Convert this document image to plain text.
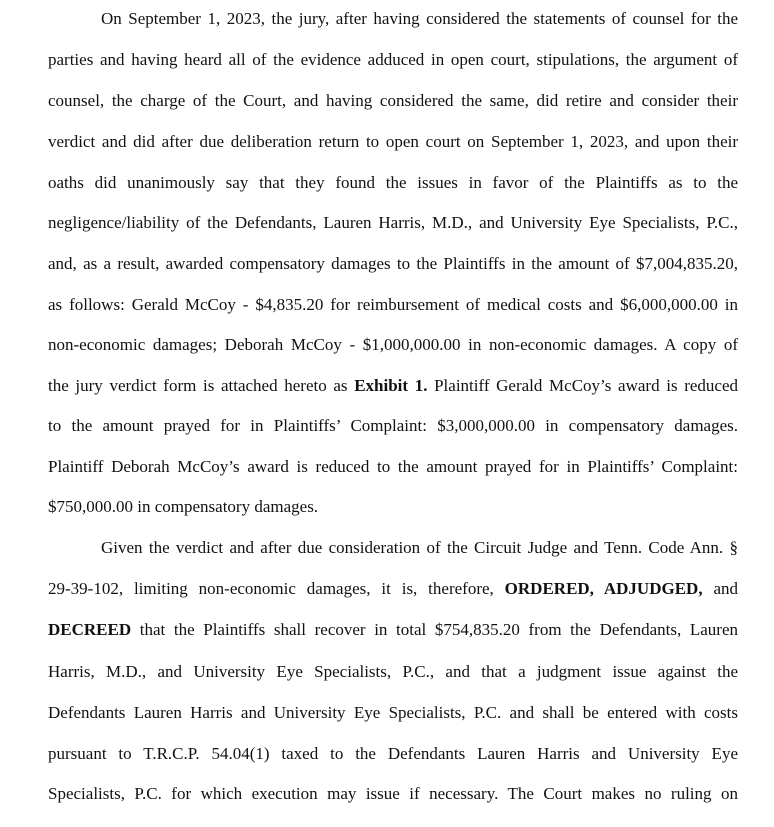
On September 1, 2023, the jury, after having considered the statements of counsel for the

parties and having heard all of the evidence adduced in open court, stipulations, the argument of

counsel, the charge of the Court, and having considered the same, did retire and consider their

verdict and did after due deliberation return to open court on September 1, 2023, and upon their

oaths did unanimously say that they found the issues in favor of the Plaintiffs as to the

negligence/liability of the Defendants, Lauren Harris, M.D., and University Eye Specialists, P.C.,

and, as a result, awarded compensatory damages to the Plaintiffs in the amount of $7,004,835.20,

as follows: Gerald McCoy - $4,835.20 for reimbursement of medical costs and $6,000,000.00 in

non-economic damages; Deborah McCoy - $1,000,000.00 in non-economic damages. A copy of

the jury verdict form is attached hereto as Exhibit 1. Plaintiff Gerald McCoy’s award is reduced

to the amount prayed for in Plaintiffs’ Complaint: $3,000,000.00 in compensatory damages.

Plaintiff Deborah McCoy’s award is reduced to the amount prayed for in Plaintiffs’ Complaint:

$750,000.00 in compensatory damages.

Given the verdict and after due consideration of the Circuit Judge and Tenn. Code Ann. §

29-39-102, limiting non-economic damages, it is, therefore, ORDERED, ADJUDGED, and

DECREED that the Plaintiffs shall recover in total $754,835.20 from the Defendants, Lauren

Harris, M.D., and University Eye Specialists, P.C., and that a judgment issue against the

Defendants Lauren Harris and University Eye Specialists, P.C. and shall be entered with costs

pursuant to T.R.C.P. 54.04(1) taxed to the Defendants Lauren Harris and University Eye

Specialists, P.C. for which execution may issue if necessary. The Court makes no ruling on
